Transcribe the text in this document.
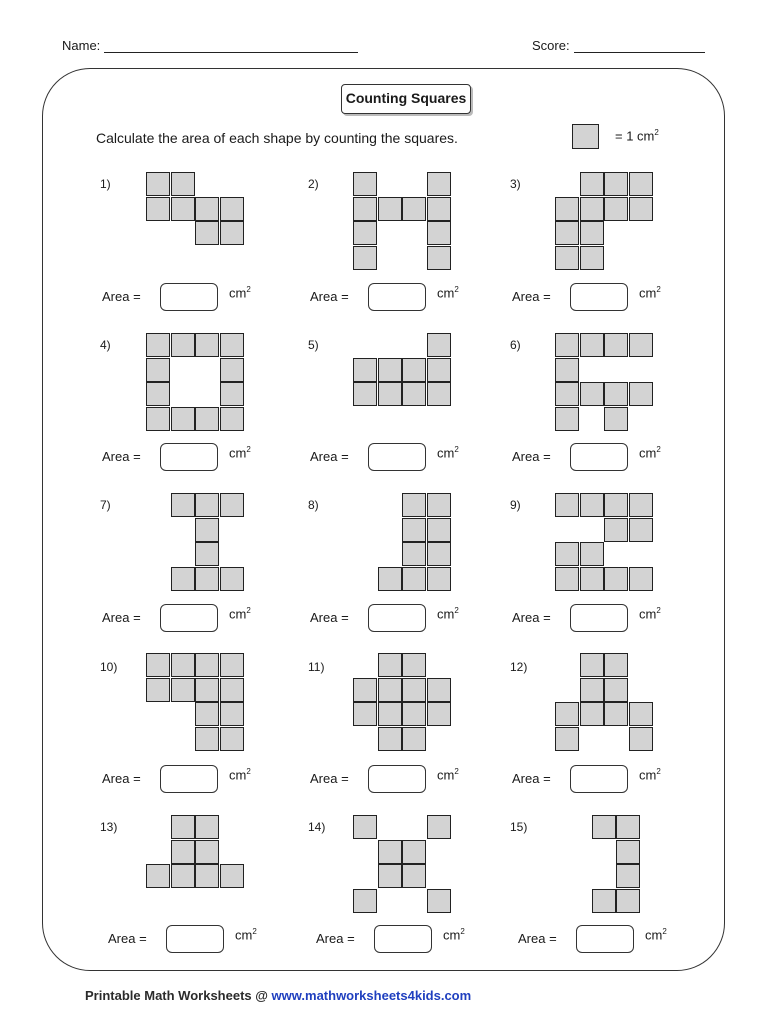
Name:	Score:
Counting Squares
Calculate the area of each shape by counting the squares.	= 1 $cm^2$
1)
Area =	$cm^2$
2)
Area =	$cm^2$
3)
Area =	$cm^2$
4)
Area =	$cm^2$
5)
Area =	$cm^2$
6)
Area =	$cm^2$
7)
Area =	$cm^2$
8)
Area =	$cm^2$
9)
Area =	$cm^2$
10)
Area =	$cm^2$
11)
Area =	$cm^2$
12)
Area =	$cm^2$
13)
Area =	$cm^2$
14)
Area =	$cm^2$
15)
Area =	$cm^2$
Printable Math Worksheets @ www.mathworksheets4kids.com
